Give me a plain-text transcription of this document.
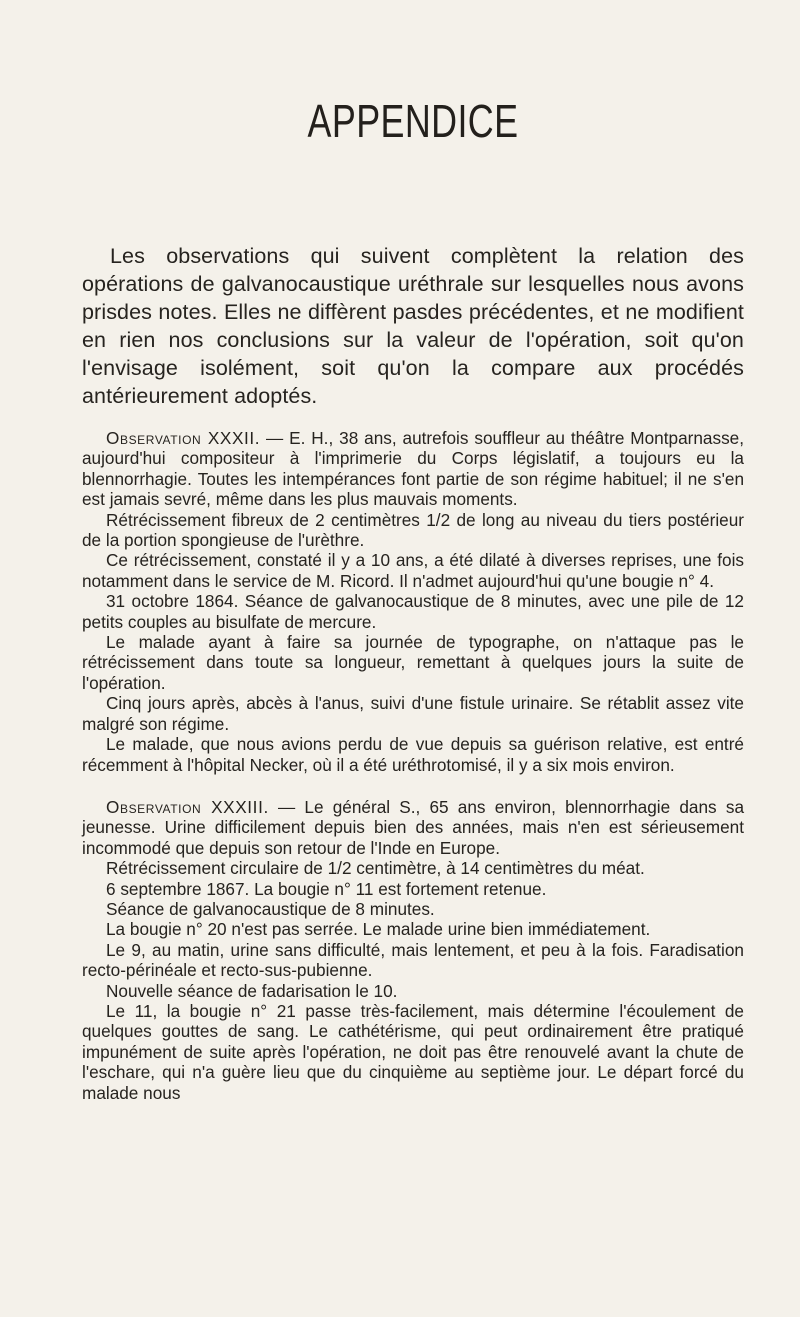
APPENDICE

Les observations qui suivent complètent la relation des opérations de galvanocaustique uréthrale sur lesquelles nous avons prisdes notes. Elles ne diffèrent pasdes précédentes, et ne modifient en rien nos conclusions sur la valeur de l'opération, soit qu'on l'envisage isolément, soit qu'on la compare aux procédés antérieurement adoptés.

Observation XXXII. — E. H., 38 ans, autrefois souffleur au théâtre Montparnasse, aujourd'hui compositeur à l'imprimerie du Corps législatif, a toujours eu la blennorrhagie. Toutes les intempérances font partie de son régime habituel; il ne s'en est jamais sevré, même dans les plus mauvais moments.

Rétrécissement fibreux de 2 centimètres 1/2 de long au niveau du tiers postérieur de la portion spongieuse de l'urèthre.

Ce rétrécissement, constaté il y a 10 ans, a été dilaté à diverses reprises, une fois notamment dans le service de M. Ricord. Il n'admet aujourd'hui qu'une bougie n° 4.

31 octobre 1864. Séance de galvanocaustique de 8 minutes, avec une pile de 12 petits couples au bisulfate de mercure.

Le malade ayant à faire sa journée de typographe, on n'attaque pas le rétrécissement dans toute sa longueur, remettant à quelques jours la suite de l'opération.

Cinq jours après, abcès à l'anus, suivi d'une fistule urinaire. Se rétablit assez vite malgré son régime.

Le malade, que nous avions perdu de vue depuis sa guérison relative, est entré récemment à l'hôpital Necker, où il a été uréthrotomisé, il y a six mois environ.

Observation XXXIII. — Le général S., 65 ans environ, blennorrhagie dans sa jeunesse. Urine difficilement depuis bien des années, mais n'en est sérieusement incommodé que depuis son retour de l'Inde en Europe.

Rétrécissement circulaire de 1/2 centimètre, à 14 centimètres du méat.

6 septembre 1867. La bougie n° 11 est fortement retenue.

Séance de galvanocaustique de 8 minutes.

La bougie n° 20 n'est pas serrée. Le malade urine bien immédiatement.

Le 9, au matin, urine sans difficulté, mais lentement, et peu à la fois. Faradisation recto-périnéale et recto-sus-pubienne.

Nouvelle séance de fadarisation le 10.

Le 11, la bougie n° 21 passe très-facilement, mais détermine l'écoulement de quelques gouttes de sang. Le cathétérisme, qui peut ordinairement être pratiqué impunément de suite après l'opération, ne doit pas être renouvelé avant la chute de l'eschare, qui n'a guère lieu que du cinquième au septième jour. Le départ forcé du malade nous
